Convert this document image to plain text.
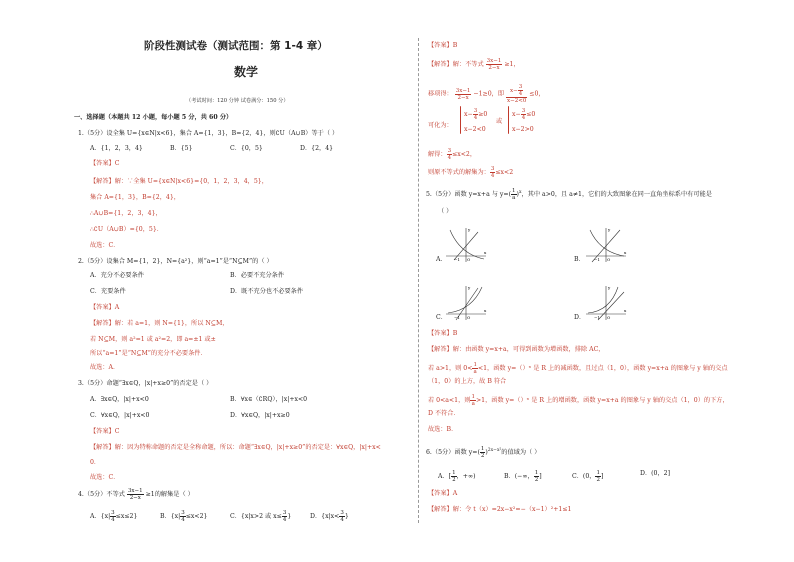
阶段性测试卷（测试范围：第 1-4 章）
数学
（考试时间：120 分钟 试卷满分：150 分）
一、选择题（本题共 12 小题，每小题 5 分，共 60 分）
1.（5分）设全集 U={x∈N|x<6}，集合 A={1，3}，B={2，4}，则∁U（A∪B）等于（ ）
A．{1，2，3，4}	B．{5}	C．{0，5}	D．{2，4}
【答案】C
【解答】解：∵全集 U={x∈N|x<6}={0，1，2，3，4，5}，
集合 A={1，3}，B={2，4}，
∴A∪B={1，2，3，4}，
∴∁U（A∪B）={0，5}．
故选：C．
2.（5分）设集合 M={1，2}，N={a²}，则“a=1”是“N⊆M”的（ ）
A．充分不必要条件	B．必要不充分条件
C．充要条件	D．既不充分也不必要条件
【答案】A
【解答】解：若 a=1，则 N={1}，所以 N⊆M，
若 N⊆M，则 a²=1 或 a²=2，即 a=±1 或±
所以“a=1”是“N⊆M”的充分不必要条件．
故选：A．
3.（5分）命题“∃x∈Q，|x|+x≥0”的否定是（ ）
A．∃x∈Q，|x|+x<0	B．∀x∈（∁RQ），|x|+x<0
C．∀x∈Q，|x|+x<0	D．∀x∈Q，|x|+x≥0
【答案】C
【解答】解：因为特称命题的否定是全称命题，所以：命题“∃x∈Q，|x|+x≥0”的否定是：∀x∈Q，|x|+x<
0．
故选：C．
4.（5分）不等式 $\frac{3x-1}{2-x} \ge 1$的解集是（ ）
A．$\{x| \frac{3}{4} \le x\le 2\}$	B．$\{x| \frac{3}{4} \le x<2\}$	C．{x|x>2 或 $x\le \frac{3}{4}$ }	D．{$x|x< \frac{3}{4}$ }
【答案】B
【解答】解：不等式 $\frac{3x-1}{2-x} \ge 1$，
移项得： $\frac{3x-1}{2-x} -1\ge 0$，即 $\frac{x- \frac{3}{4}}{x-2<0} \le 0$，
可化为：
$x- \frac{3}{4} \ge 0$
x−2<0
或
$x- \frac{3}{4} \le 0$
x−2>0
解得： $\frac{3}{4} \le x<2$，
则原不等式的解集为： $\frac{3}{4} \le x<2$
5.（5分）函数 y=x+a 与 $y=( \frac{1}{a} )^x$，其中 a>0，且 a≠1，它们的大致图象在同一直角坐标系中有可能是
（ ）
A．
x
y
−1 O	B．
x
y
−1 O
C．
x
y
−1 O	D．
x
y
−1 O
【答案】B
【解答】解：由函数 y=x+a，可得到函数为增函数，排除 AC，
若 a>1，则 $0< \frac{1}{a} <1$，函数 y=（）ˣ 是 R 上的减函数，且过点（1，0），函数 y=x+a 的图象与 y 轴的交点
（1，0）的上方，故 B 符合
若 0<a<1，则 $\frac{1}{a} >1$，函数 y=（）ˣ 是 R 上的增函数，函数 y=x+a 的图象与 y 轴的交点（1，0）的下方，
D 不符合．
故选：B．
6.（5分）函数 $y=( \frac{1}{2} )^{2x-x^2}$的值域为（ ）
A．[ $\frac{1}{2}$ ，+∞)	B．(−∞， $\frac{1}{2}$ ]	C．(0， $\frac{1}{2}$ ]	D．(0，2]
【答案】A
【解答】解：令 t（x）=2x−x²=−（x−1）²+1≤1
